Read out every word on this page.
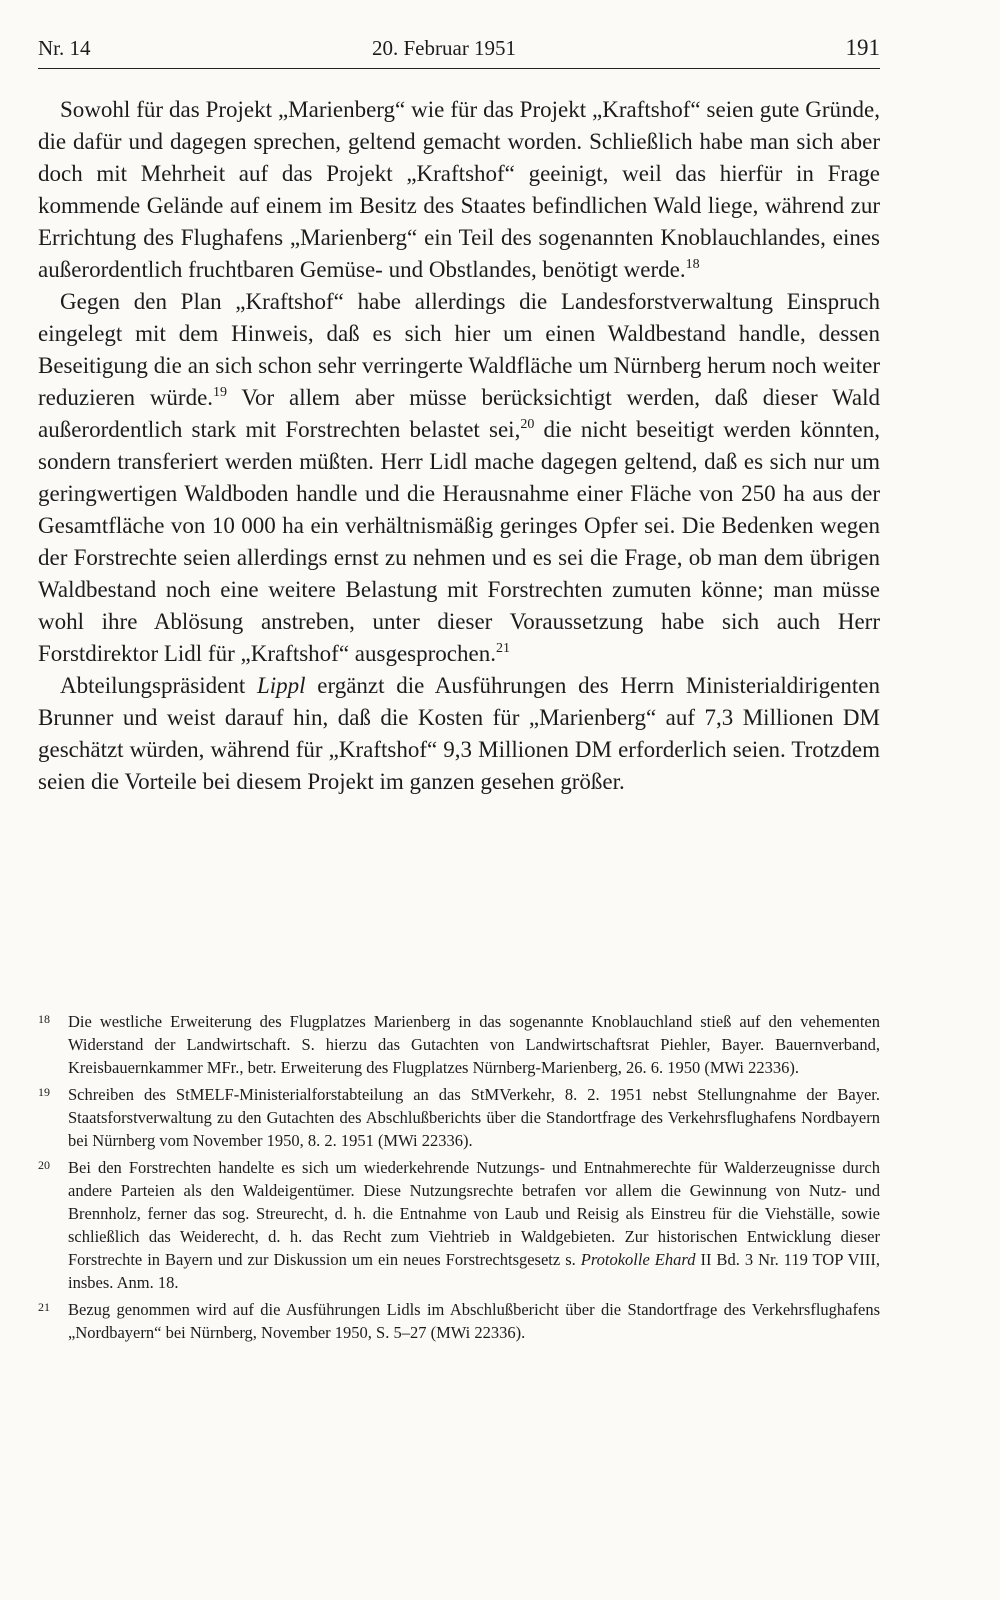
Nr. 14	20. Februar 1951	191

Sowohl für das Projekt „Marienberg“ wie für das Projekt „Kraftshof“ seien gute Gründe, die dafür und dagegen sprechen, geltend gemacht worden. Schließlich habe man sich aber doch mit Mehrheit auf das Projekt „Kraftshof“ geeinigt, weil das hierfür in Frage kommende Gelände auf einem im Besitz des Staates befindlichen Wald liege, während zur Errichtung des Flughafens „Marienberg“ ein Teil des sogenannten Knoblauchlandes, eines außerordentlich fruchtbaren Gemüse- und Obstlandes, benötigt werde.$^{18}$

Gegen den Plan „Kraftshof“ habe allerdings die Landesforstverwaltung Einspruch eingelegt mit dem Hinweis, daß es sich hier um einen Waldbestand handle, dessen Beseitigung die an sich schon sehr verringerte Waldfläche um Nürnberg herum noch weiter reduzieren würde.$^{19}$ Vor allem aber müsse berücksichtigt werden, daß dieser Wald außerordentlich stark mit Forstrechten belastet sei,$^{20}$ die nicht beseitigt werden könnten, sondern transferiert werden müßten. Herr Lidl mache dagegen geltend, daß es sich nur um geringwertigen Waldboden handle und die Herausnahme einer Fläche von 250 ha aus der Gesamtfläche von 10 000 ha ein verhältnismäßig geringes Opfer sei. Die Bedenken wegen der Forstrechte seien allerdings ernst zu nehmen und es sei die Frage, ob man dem übrigen Waldbestand noch eine weitere Belastung mit Forstrechten zumuten könne; man müsse wohl ihre Ablösung anstreben, unter dieser Voraussetzung habe sich auch Herr Forstdirektor Lidl für „Kraftshof“ ausgesprochen.$^{21}$

Abteilungspräsident Lippl ergänzt die Ausführungen des Herrn Ministerialdirigenten Brunner und weist darauf hin, daß die Kosten für „Marienberg“ auf 7,3 Millionen DM geschätzt würden, während für „Kraftshof“ 9,3 Millionen DM erforderlich seien. Trotzdem seien die Vorteile bei diesem Projekt im ganzen gesehen größer.

18 Die westliche Erweiterung des Flugplatzes Marienberg in das sogenannte Knoblauchland stieß auf den vehementen Widerstand der Landwirtschaft. S. hierzu das Gutachten von Landwirtschaftsrat Piehler, Bayer. Bauernverband, Kreisbauernkammer MFr., betr. Erweiterung des Flugplatzes Nürnberg-Marienberg, 26. 6. 1950 (MWi 22336).
19 Schreiben des StMELF-Ministerialforstabteilung an das StMVerkehr, 8. 2. 1951 nebst Stellungnahme der Bayer. Staatsforstverwaltung zu den Gutachten des Abschlußberichts über die Standortfrage des Verkehrsflughafens Nordbayern bei Nürnberg vom November 1950, 8. 2. 1951 (MWi 22336).
20 Bei den Forstrechten handelte es sich um wiederkehrende Nutzungs- und Entnahmerechte für Walderzeugnisse durch andere Parteien als den Waldeigentümer. Diese Nutzungsrechte betrafen vor allem die Gewinnung von Nutz- und Brennholz, ferner das sog. Streurecht, d. h. die Entnahme von Laub und Reisig als Einstreu für die Viehställe, sowie schließlich das Weiderecht, d. h. das Recht zum Viehtrieb in Waldgebieten. Zur historischen Entwicklung dieser Forstrechte in Bayern und zur Diskussion um ein neues Forstrechtsgesetz s. Protokolle Ehard II Bd. 3 Nr. 119 TOP VIII, insbes. Anm. 18.
21 Bezug genommen wird auf die Ausführungen Lidls im Abschlußbericht über die Standortfrage des Verkehrsflughafens „Nordbayern“ bei Nürnberg, November 1950, S. 5–27 (MWi 22336).
